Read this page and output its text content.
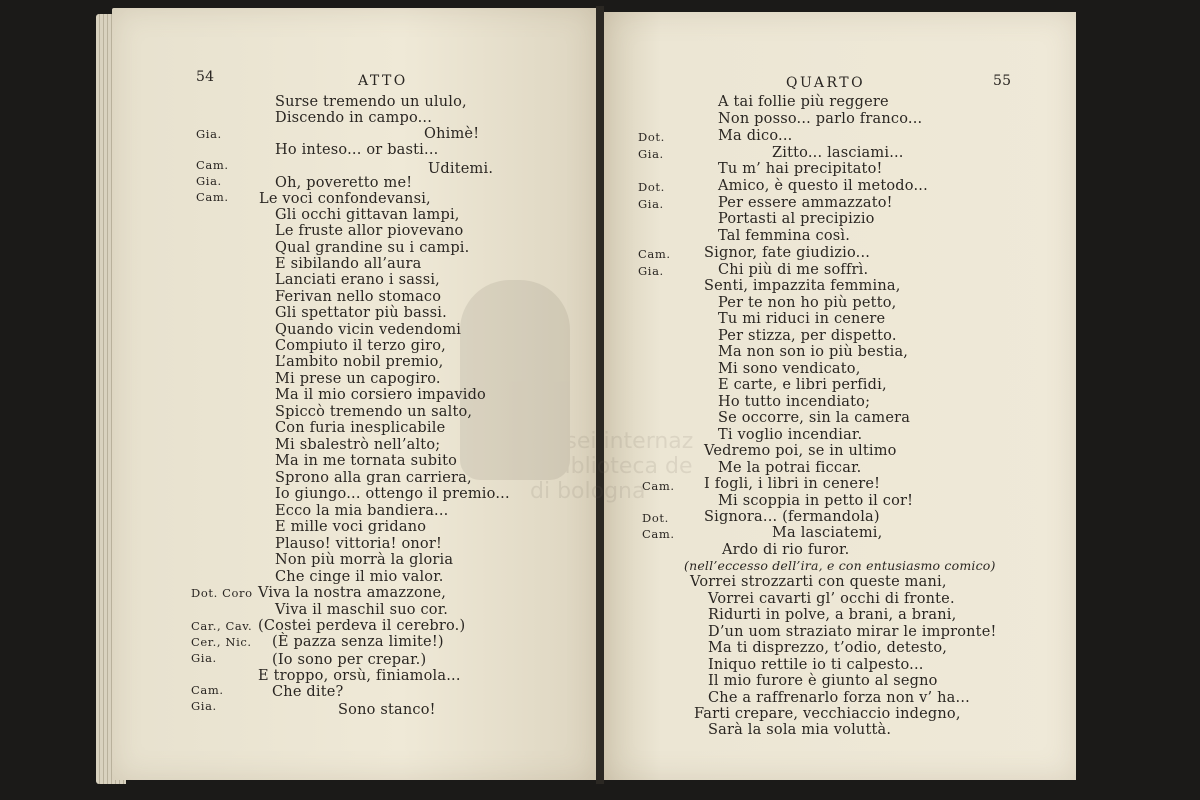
54	ATTO
Surse tremendo un ululo,
Discendo in campo...
Gia.	Ohimè!
Ho inteso... or basti...
Cam.	Uditemi.
Gia.	Oh, poveretto me!
Cam. Le voci confondevansi,
Gli occhi gittavan lampi,
Le fruste allor piovevano
Qual grandine su i campi.
E sibilando all’aura
Lanciati erano i sassi,
Ferivan nello stomaco
Gli spettator più bassi.
Quando vicin vedendomi
Compiuto il terzo giro,
L’ambito nobil premio,
Mi prese un capogiro.
Ma il mio corsiero impavido
Spiccò tremendo un salto,
Con furia inesplicabile
Mi sbalestrò nell’alto;
Ma in me tornata subito
Sprono alla gran carriera,
Io giungo... ottengo il premio...
Ecco la mia bandiera...
E mille voci gridano
Plauso! vittoria! onor!
Non più morrà la gloria
Che cinge il mio valor.
Dot. Coro Viva la nostra amazzone,
Viva il maschil suo cor.
Car., Cav. (Costei perdeva il cerebro.)
Cer., Nic. (È pazza senza limite!)
Gia.	(Io sono per crepar.)
E troppo, orsù, finiamola...
Cam.	Che dite?
Gia.	Sono stanco!
QUARTO	55
A tai follie più reggere
Non posso... parlo franco...
Dot.	Ma dico...
Gia.	Zitto... lasciami...
Tu m’ hai precipitato!
Dot.	Amico, è questo il metodo...
Gia.	Per essere ammazzato!
Portasti al precipizio
Tal femmina così.
Cam. Signor, fate giudizio...
Gia.	Chi più di me soffrì.
Senti, impazzita femmina,
Per te non ho più petto,
Tu mi riduci in cenere
Per stizza, per dispetto.
Ma non son io più bestia,
Mi sono vendicato,
E carte, e libri perfidi,
Ho tutto incendiato;
Se occorre, sin la camera
Ti voglio incendiar.
Vedremo poi, se in ultimo
Me la potrai ficcar.
Cam. I fogli, i libri in cenere!
Mi scoppia in petto il cor!
Dot. Signora... (fermandola)
Cam.	Ma lasciatemi,
Ardo di rio furor.
(nell’eccesso dell’ira, e con entusiasmo comico)
Vorrei strozzarti con queste mani,
Vorrei cavarti gl’ occhi di fronte.
Ridurti in polve, a brani, a brani,
D’un uom straziato mirar le impronte!
Ma ti disprezzo, t’odio, detesto,
Iniquo rettile io ti calpesto...
Il mio furore è giunto al segno
Che a raffrenarlo forza non v’ ha...
Farti crepare, vecchiaccio indegno,
Sarà la sola mia voluttà.
